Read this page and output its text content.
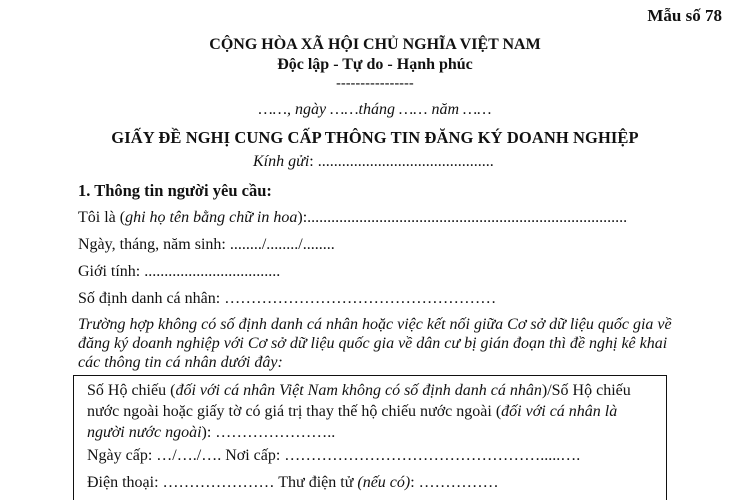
Mẫu số 78
CỘNG HÒA XÃ HỘI CHỦ NGHĨA VIỆT NAM
Độc lập - Tự do - Hạnh phúc
----------------
……, ngày ……tháng …… năm ……
GIẤY ĐỀ NGHỊ CUNG CẤP THÔNG TIN ĐĂNG KÝ DOANH NGHIỆP
Kính gửi: ............................................
1. Thông tin người yêu cầu:
Tôi là (ghi họ tên bằng chữ in hoa):................................................................................
Ngày, tháng, năm sinh: ......../......../........
Giới tính: ..................................
Số định danh cá nhân: ……………………………………………
Trường hợp không có số định danh cá nhân hoặc việc kết nối giữa Cơ sở dữ liệu quốc gia về đăng ký doanh nghiệp với Cơ sở dữ liệu quốc gia về dân cư bị gián đoạn thì đề nghị kê khai các thông tin cá nhân dưới đây:
Số Hộ chiếu (đối với cá nhân Việt Nam không có số định danh cá nhân)/Số Hộ chiếu nước ngoài hoặc giấy tờ có giá trị thay thế hộ chiếu nước ngoài (đối với cá nhân là người nước ngoài): …………………..
Ngày cấp: …/…./…. Nơi cấp: ………………………………………….....….
Điện thoại: ………………… Thư điện tử (nếu có): ……………
